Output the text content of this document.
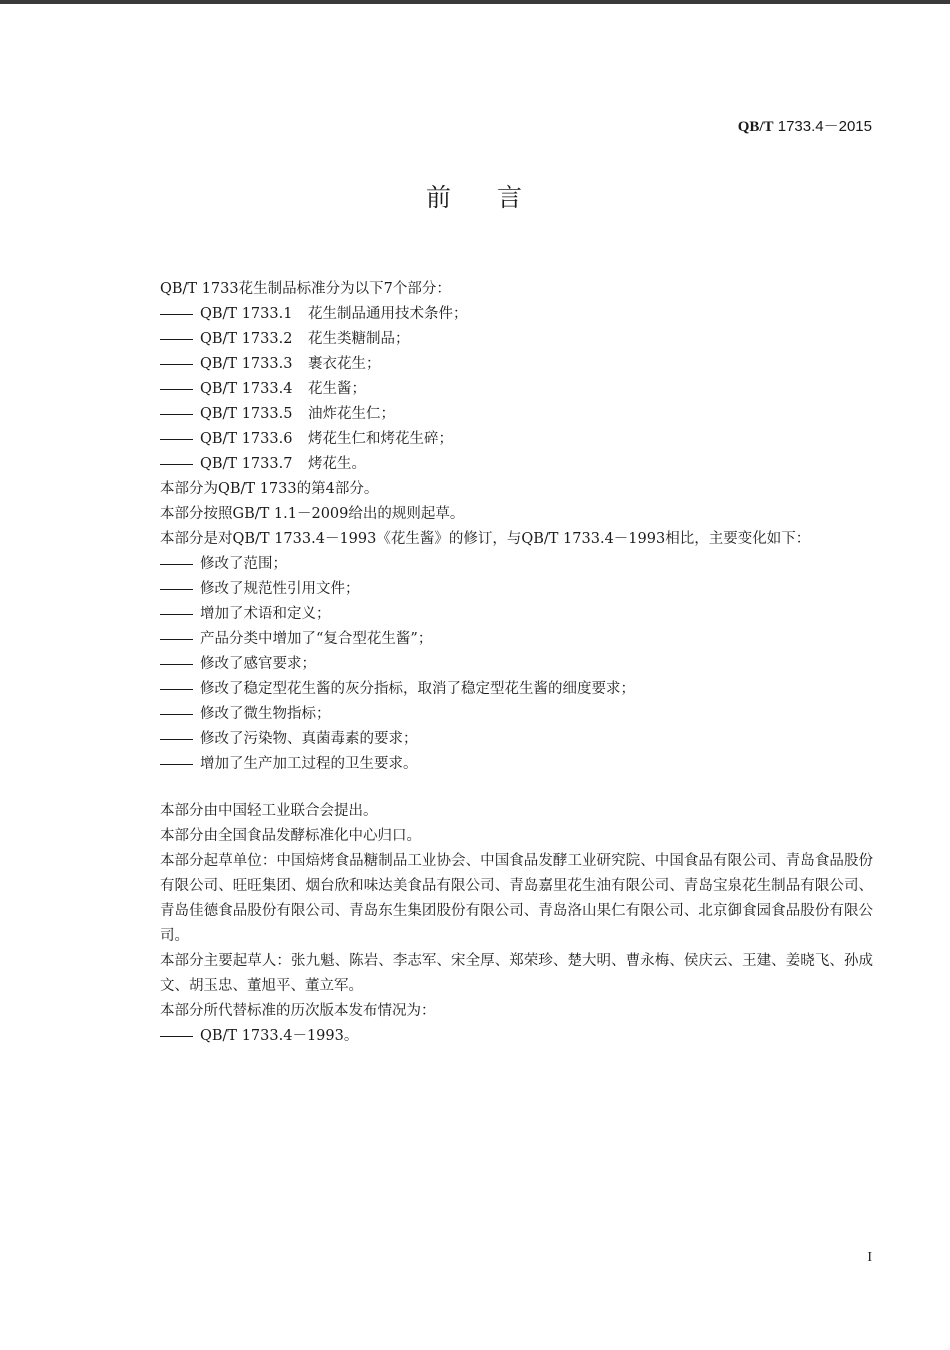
QB/T 1733.4－2015
前 言
QB/T 1733花生制品标准分为以下7个部分：
QB/T 1733.1 花生制品通用技术条件；
QB/T 1733.2 花生类糖制品；
QB/T 1733.3 裹衣花生；
QB/T 1733.4 花生酱；
QB/T 1733.5 油炸花生仁；
QB/T 1733.6 烤花生仁和烤花生碎；
QB/T 1733.7 烤花生。
本部分为QB/T 1733的第4部分。
本部分按照GB/T 1.1－2009给出的规则起草。
本部分是对QB/T 1733.4－1993《花生酱》的修订，与QB/T 1733.4－1993相比，主要变化如下：
修改了范围；
修改了规范性引用文件；
增加了术语和定义；
产品分类中增加了“复合型花生酱”；
修改了感官要求；
修改了稳定型花生酱的灰分指标，取消了稳定型花生酱的细度要求；
修改了微生物指标；
修改了污染物、真菌毒素的要求；
增加了生产加工过程的卫生要求。
本部分由中国轻工业联合会提出。
本部分由全国食品发酵标准化中心归口。
本部分起草单位：中国焙烤食品糖制品工业协会、中国食品发酵工业研究院、中国食品有限公司、青岛食品股份有限公司、旺旺集团、烟台欣和味达美食品有限公司、青岛嘉里花生油有限公司、青岛宝泉花生制品有限公司、青岛佳德食品股份有限公司、青岛东生集团股份有限公司、青岛洛山果仁有限公司、北京御食园食品股份有限公司。
本部分主要起草人：张九魁、陈岩、李志军、宋全厚、郑荣珍、楚大明、曹永梅、侯庆云、王建、姜晓飞、孙成文、胡玉忠、董旭平、董立军。
本部分所代替标准的历次版本发布情况为：
QB/T 1733.4－1993。
I
